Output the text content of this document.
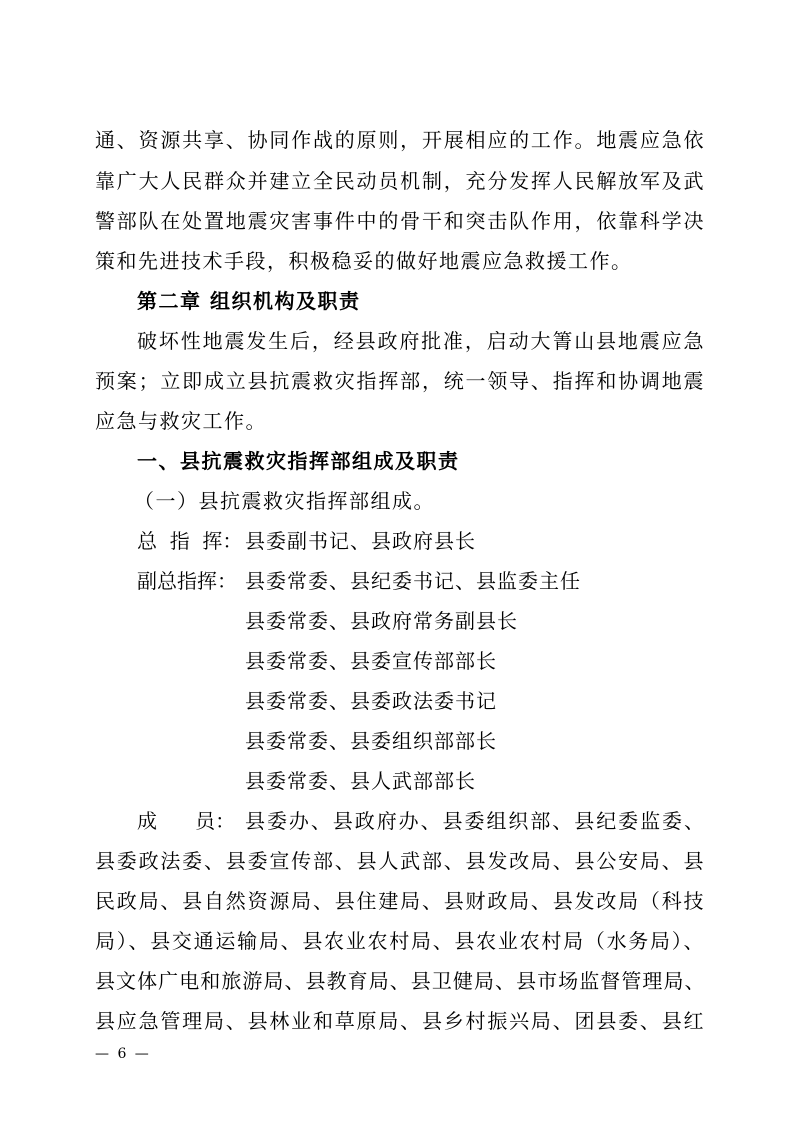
通、资源共享、协同作战的原则，开展相应的工作。地震应急依
靠广大人民群众并建立全民动员机制，充分发挥人民解放军及武
警部队在处置地震灾害事件中的骨干和突击队作用，依靠科学决
策和先进技术手段，积极稳妥的做好地震应急救援工作。
第二章 组织机构及职责
破坏性地震发生后，经县政府批准，启动大箐山县地震应急
预案；立即成立县抗震救灾指挥部，统一领导、指挥和协调地震
应急与救灾工作。
一、县抗震救灾指挥部组成及职责
（一）县抗震救灾指挥部组成。
总  指  挥： 县委副书记、县政府县长
副总指挥： 县委常委、县纪委书记、县监委主任
县委常委、县政府常务副县长
县委常委、县委宣传部部长
县委常委、县委政法委书记
县委常委、县委组织部部长
县委常委、县人武部部长
成      员： 县委办、县政府办、县委组织部、县纪委监委、
县委政法委、县委宣传部、县人武部、县发改局、县公安局、县
民政局、县自然资源局、县住建局、县财政局、县发改局（科技
局）、县交通运输局、县农业农村局、县农业农村局（水务局）、
县文体广电和旅游局、县教育局、县卫健局、县市场监督管理局、
县应急管理局、县林业和草原局、县乡村振兴局、团县委、县红
— 6 —
